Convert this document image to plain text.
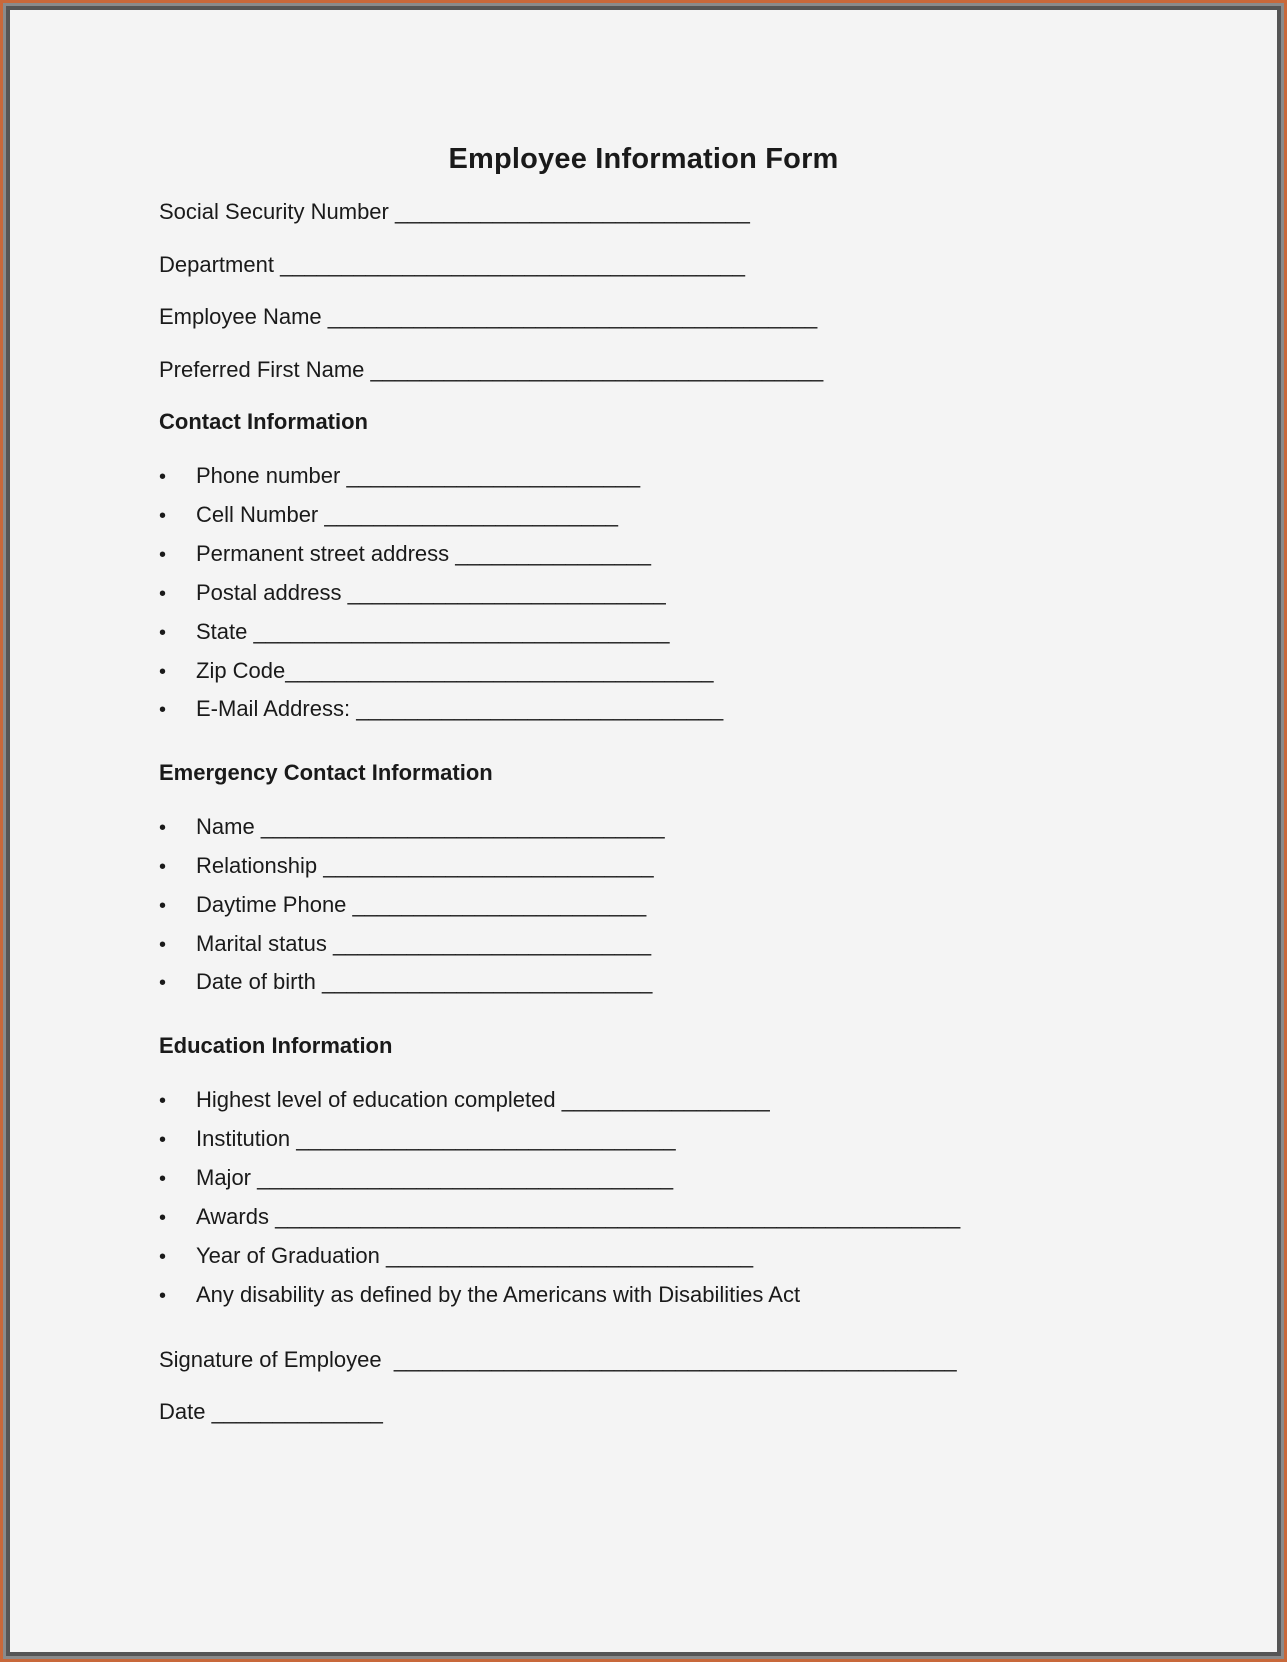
Employee Information Form
Social Security Number _____________________________
Department ______________________________________
Employee Name ________________________________________
Preferred First Name _____________________________________
Contact Information
• Phone number ________________________
• Cell Number ________________________
• Permanent street address ________________
• Postal address __________________________
• State __________________________________
• Zip Code___________________________________
• E-Mail Address: ______________________________
Emergency Contact Information
• Name _________________________________
• Relationship ___________________________
• Daytime Phone ________________________
• Marital status __________________________
• Date of birth ___________________________
Education Information
• Highest level of education completed _________________
• Institution _______________________________
• Major __________________________________
• Awards ________________________________________________________
• Year of Graduation ______________________________
• Any disability as defined by the Americans with Disabilities Act
Signature of Employee ______________________________________________
Date ______________
